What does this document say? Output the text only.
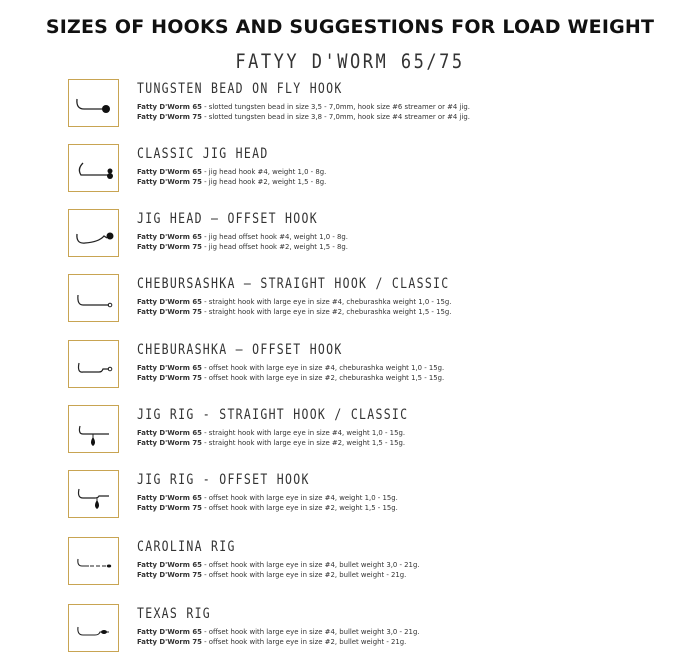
SIZES OF HOOKS AND SUGGESTIONS FOR LOAD WEIGHT
FATYY D'WORM 65/75
TUNGSTEN BEAD ON FLY HOOK
Fatty D'Worm 65 - slotted tungsten bead in size 3,5 - 7,0mm, hook size #6 streamer or #4 jig.
Fatty D'Worm 75 - slotted tungsten bead in size 3,8 - 7,0mm, hook size #4 streamer or #4 jig.
CLASSIC JIG HEAD
Fatty D'Worm 65 - jig head hook #4, weight 1,0 - 8g.
Fatty D'Worm 75 - jig head hook #2, weight 1,5 - 8g.
JIG HEAD – OFFSET HOOK
Fatty D'Worm 65 - jig head offset hook #4, weight 1,0 - 8g.
Fatty D'Worm 75 - jig head offset hook #2, weight 1,5 - 8g.
CHEBURSASHKA – STRAIGHT HOOK / CLASSIC
Fatty D'Worm 65 - straight hook with large eye in size #4, cheburashka weight 1,0 - 15g.
Fatty D'Worm 75 - straight hook with large eye in size #2, cheburashka weight 1,5 - 15g.
CHEBURASHKA – OFFSET HOOK
Fatty D'Worm 65 - offset hook with large eye in size #4, cheburashka weight 1,0 - 15g.
Fatty D'Worm 75 - offset hook with large eye in size #2, cheburashka weight 1,5 - 15g.
JIG RIG - STRAIGHT HOOK / CLASSIC
Fatty D'Worm 65 - straight hook with large eye in size #4, weight 1,0 - 15g.
Fatty D'Worm 75 - straight hook with large eye in size #2, weight 1,5 - 15g.
JIG RIG - OFFSET HOOK
Fatty D'Worm 65 - offset hook with large eye in size #4, weight 1,0 - 15g.
Fatty D'Worm 75 - offset hook with large eye in size #2, weight 1,5 - 15g.
CAROLINA RIG
Fatty D'Worm 65 - offset hook with large eye in size #4, bullet weight 3,0 - 21g.
Fatty D'Worm 75 - offset hook with large eye in size #2, bullet weight - 21g.
TEXAS RIG
Fatty D'Worm 65 - offset hook with large eye in size #4, bullet weight 3,0 - 21g.
Fatty D'Worm 75 - offset hook with large eye in size #2, bullet weight - 21g.
